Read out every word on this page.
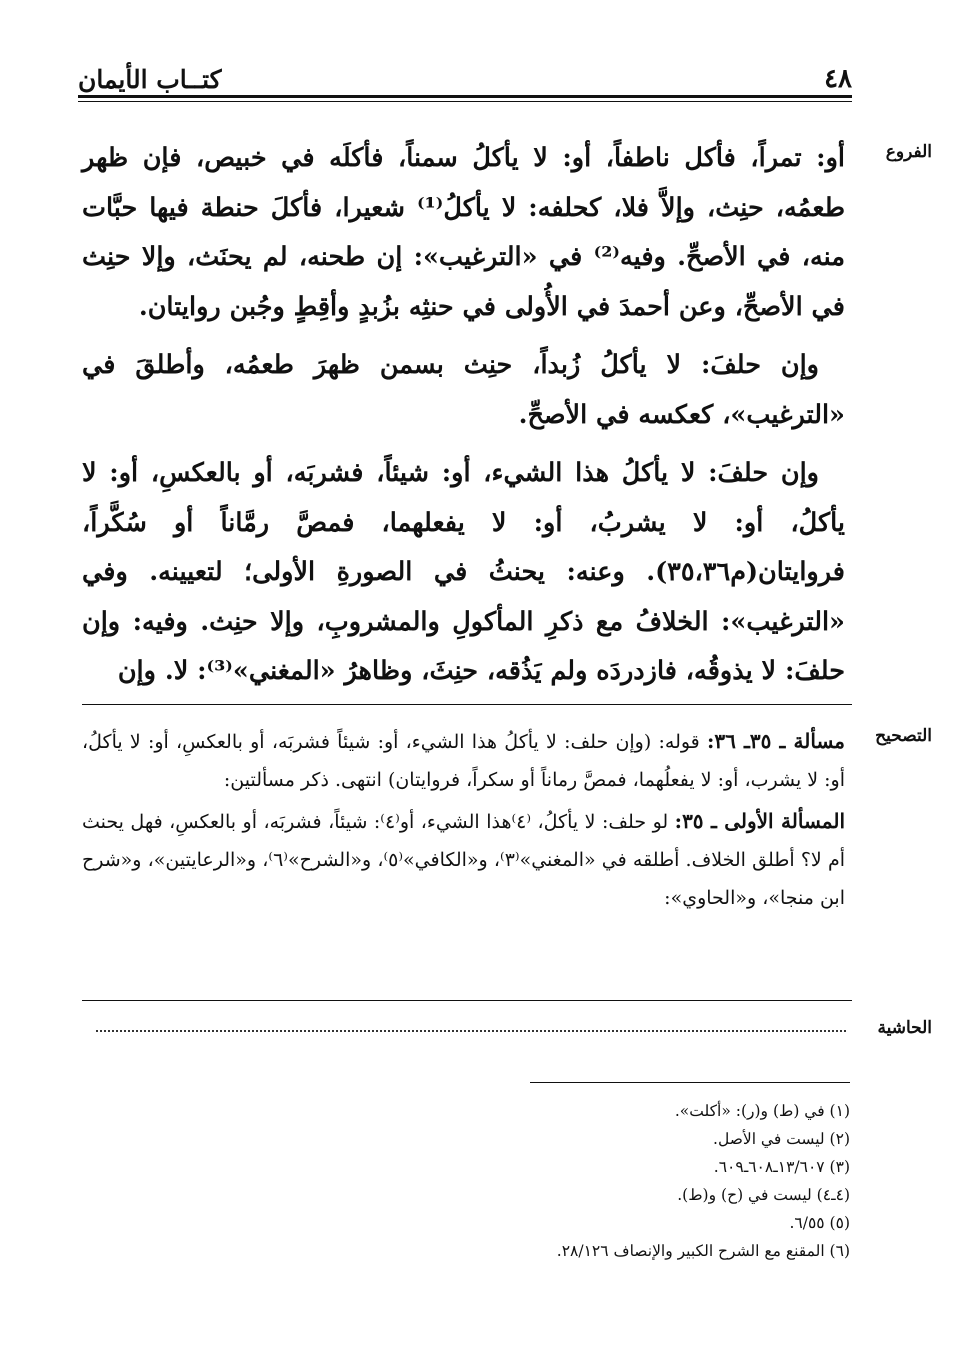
٤٨
كتــاب الأيمان
الفروع

أو: تمراً، فأكل ناطفاً، أو: لا يأكلُ سمناً، فأكلَه في خبيص، فإن ظهر طعمُه، حنِث، وإلاَّ فلا، كحلفه: لا يأكلُ⁽¹⁾ شعيرا، فأكلَ حنطة فيها حبَّات منه، في الأصحِّ. وفيه⁽²⁾ في «الترغيب»: إن طحنه، لم يحنَث، وإلا حنِث في الأصحِّ، وعن أحمدَ في الأُولى في حنثِه بزُبدٍ وأقِطٍ وجُبن روايتان.

وإن حلفَ: لا يأكلُ زُبداً، حنِث بسمن ظهرَ طعمُه، وأطلقَ في «الترغيب»، كعكسه في الأصحِّ.

وإن حلفَ: لا يأكلُ هذا الشيء، أو: شيئاً، فشربَه، أو بالعكسِ، أو: لا يأكلُ، أو: لا يشربُ، أو: لا يفعلهما، فمصَّ رمَّاناً أو سُكَّراً، فروايتان(م٣٥،٣٦). وعنه: يحنثُ في الصورةِ الأولى؛ لتعيينه. وفي «الترغيب»: الخلافُ مع ذكرِ المأكولِ والمشروبِ، وإلا حنِث. وفيه: وإن حلفَ: لا يذوقُه، فازدردَه ولم يَذُقه، حنِثَ، وظاهرُ «المغني»⁽³⁾: لا. وإن

التصحيح

مسألة ـ ٣٥ـ ٣٦: قوله: (وإن حلف: لا يأكلُ هذا الشيء، أو: شيئاً فشربَه، أو بالعكسِ، أو: لا يأكلُ، أو: لا يشرب، أو: لا يفعلُهما، فمصَّ رماناً أو سكراً، فروايتان) انتهى. ذكر مسألتين:

المسألة الأولى ـ ٣٥: لو حلف: لا يأكلُ، ⁽٤⁾هذا الشيء، أو⁽٤⁾: شيئاً، فشربَه، أو بالعكسِ، فهل يحنث أم لا؟ أطلق الخلاف. أطلقه في «المغني»⁽٣⁾، و«الكافي»⁽٥⁾، و«الشرح»⁽٦⁾، و«الرعايتين»، و«شرح ابن منجا»، و«الحاوي»:

الحاشية
(١) في (ط) و(ر): «أكلت».
(٢) ليست في الأصل.
(٣) ١٣/٦٠٧ـ٦٠٨ـ٦٠٩.
(٤ـ٤) ليست في (ح) و(ط).
(٥) ٦/٥٥.
(٦) المقنع مع الشرح الكبير والإنصاف ٢٨/١٢٦.
